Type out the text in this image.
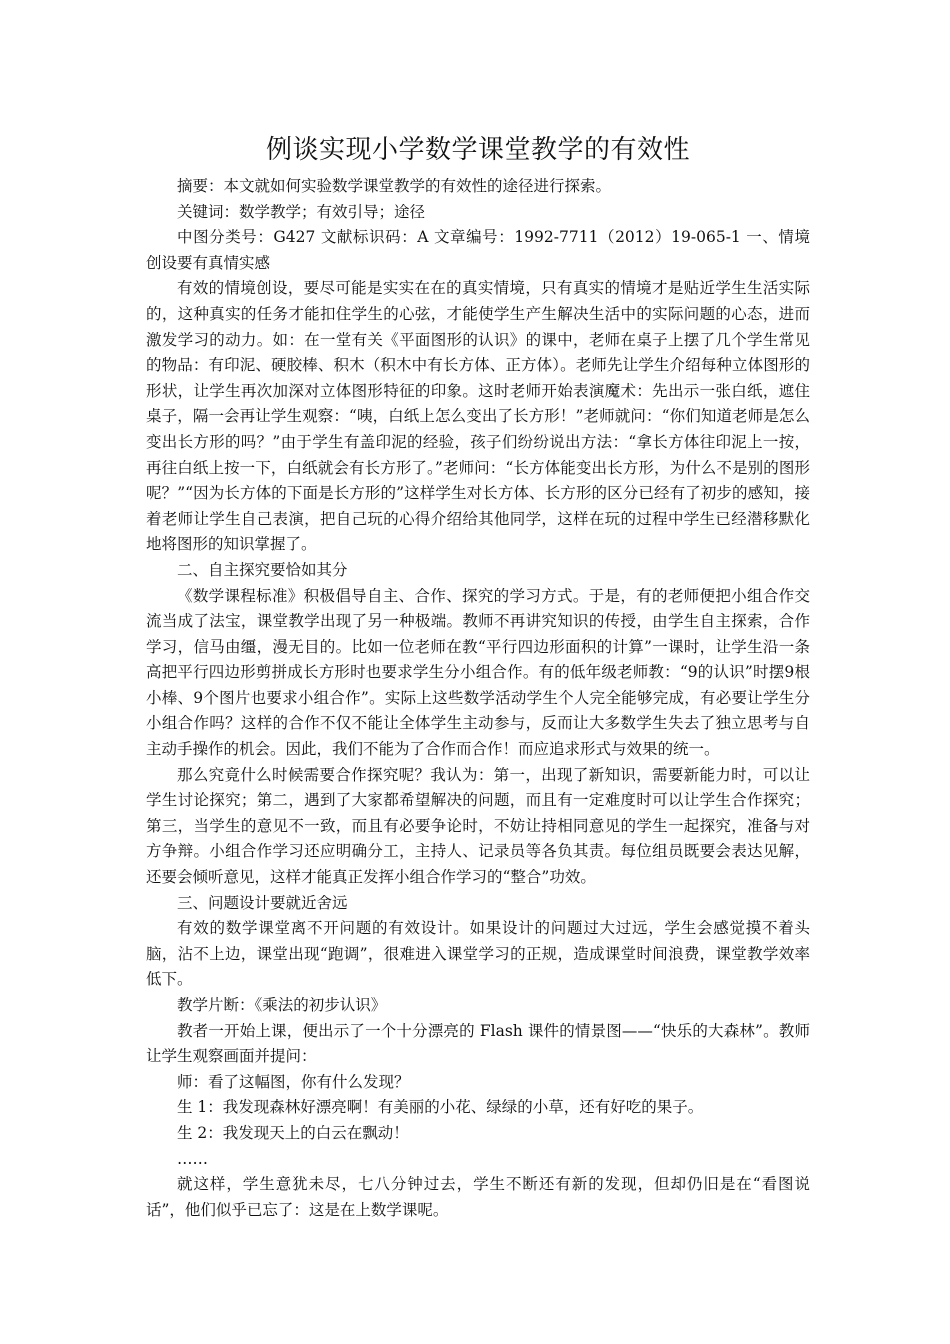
例谈实现小学数学课堂教学的有效性

摘要：本文就如何实验数学课堂教学的有效性的途径进行探索。

关键词：数学教学；有效引导；途径

中图分类号：G427 文献标识码：A 文章编号：1992-7711（2012）19-065-1 一、情境创设要有真情实感

有效的情境创设，要尽可能是实实在在的真实情境，只有真实的情境才是贴近学生生活实际的，这种真实的任务才能扣住学生的心弦，才能使学生产生解决生活中的实际问题的心态，进而激发学习的动力。如：在一堂有关《平面图形的认识》的课中，老师在桌子上摆了几个学生常见的物品：有印泥、硬胶棒、积木（积木中有长方体、正方体）。老师先让学生介绍每种立体图形的形状，让学生再次加深对立体图形特征的印象。这时老师开始表演魔术：先出示一张白纸，遮住桌子，隔一会再让学生观察：“咦，白纸上怎么变出了长方形！”老师就问：“你们知道老师是怎么变出长方形的吗？”由于学生有盖印泥的经验，孩子们纷纷说出方法：“拿长方体往印泥上一按，再往白纸上按一下，白纸就会有长方形了。”老师问：“长方体能变出长方形，为什么不是别的图形呢？”“因为长方体的下面是长方形的”这样学生对长方体、长方形的区分已经有了初步的感知，接着老师让学生自己表演，把自己玩的心得介绍给其他同学，这样在玩的过程中学生已经潜移默化地将图形的知识掌握了。

二、自主探究要恰如其分

《数学课程标准》积极倡导自主、合作、探究的学习方式。于是，有的老师便把小组合作交流当成了法宝，课堂教学出现了另一种极端。教师不再讲究知识的传授，由学生自主探索，合作学习，信马由缰，漫无目的。比如一位老师在教“平行四边形面积的计算”一课时，让学生沿一条高把平行四边形剪拼成长方形时也要求学生分小组合作。有的低年级老师教：“9的认识”时摆9根小棒、9个图片也要求小组合作”。实际上这些数学活动学生个人完全能够完成，有必要让学生分小组合作吗？这样的合作不仅不能让全体学生主动参与，反而让大多数学生失去了独立思考与自主动手操作的机会。因此，我们不能为了合作而合作！而应追求形式与效果的统一。

那么究竟什么时候需要合作探究呢？我认为：第一，出现了新知识，需要新能力时，可以让学生讨论探究；第二，遇到了大家都希望解决的问题，而且有一定难度时可以让学生合作探究；第三，当学生的意见不一致，而且有必要争论时，不妨让持相同意见的学生一起探究，准备与对方争辩。小组合作学习还应明确分工，主持人、记录员等各负其责。每位组员既要会表达见解，还要会倾听意见，这样才能真正发挥小组合作学习的“整合”功效。

三、问题设计要就近舍远

有效的数学课堂离不开问题的有效设计。如果设计的问题过大过远，学生会感觉摸不着头脑，沾不上边，课堂出现“跑调”，很难进入课堂学习的正规，造成课堂时间浪费，课堂教学效率低下。

教学片断：《乘法的初步认识》

教者一开始上课，便出示了一个十分漂亮的 Flash 课件的情景图——“快乐的大森林”。教师让学生观察画面并提问：

师：看了这幅图，你有什么发现？

生 1：我发现森林好漂亮啊！有美丽的小花、绿绿的小草，还有好吃的果子。

生 2：我发现天上的白云在飘动！

……

就这样，学生意犹未尽，七八分钟过去，学生不断还有新的发现，但却仍旧是在“看图说话”，他们似乎已忘了：这是在上数学课呢。
